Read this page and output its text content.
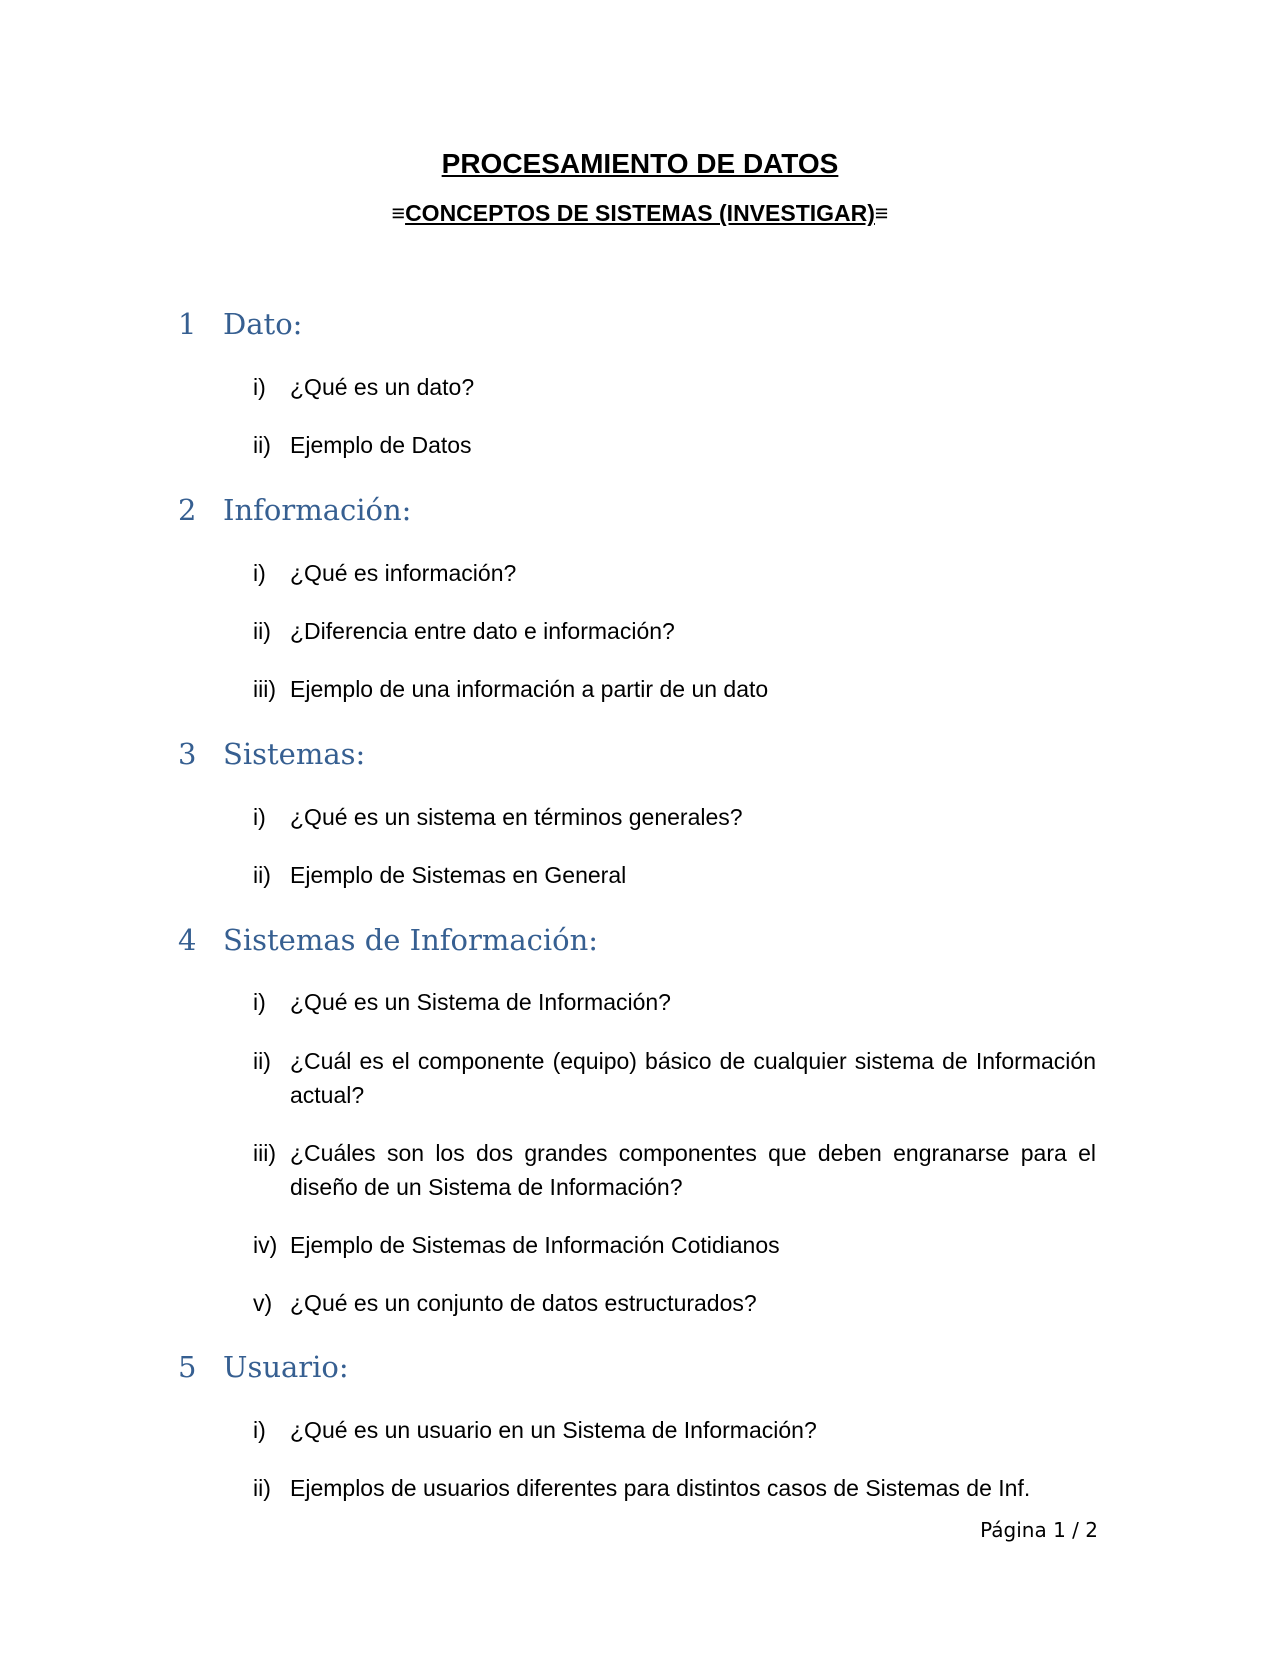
PROCESAMIENTO DE DATOS
≡CONCEPTOS DE SISTEMAS (INVESTIGAR)≡
1 Dato:
i) ¿Qué es un dato?
ii) Ejemplo de Datos
2 Información:
i) ¿Qué es información?
ii) ¿Diferencia entre dato e información?
iii) Ejemplo de una información a partir de un dato
3 Sistemas:
i) ¿Qué es un sistema en términos generales?
ii) Ejemplo de Sistemas en General
4 Sistemas de Información:
i) ¿Qué es un Sistema de Información?
ii) ¿Cuál es el componente (equipo) básico de cualquier sistema de Información actual?
iii) ¿Cuáles son los dos grandes componentes que deben engranarse para el diseño de un Sistema de Información?
iv) Ejemplo de Sistemas de Información Cotidianos
v) ¿Qué es un conjunto de datos estructurados?
5 Usuario:
i) ¿Qué es un usuario en un Sistema de Información?
ii) Ejemplos de usuarios diferentes para distintos casos de Sistemas de Inf.
Página 1 / 2
